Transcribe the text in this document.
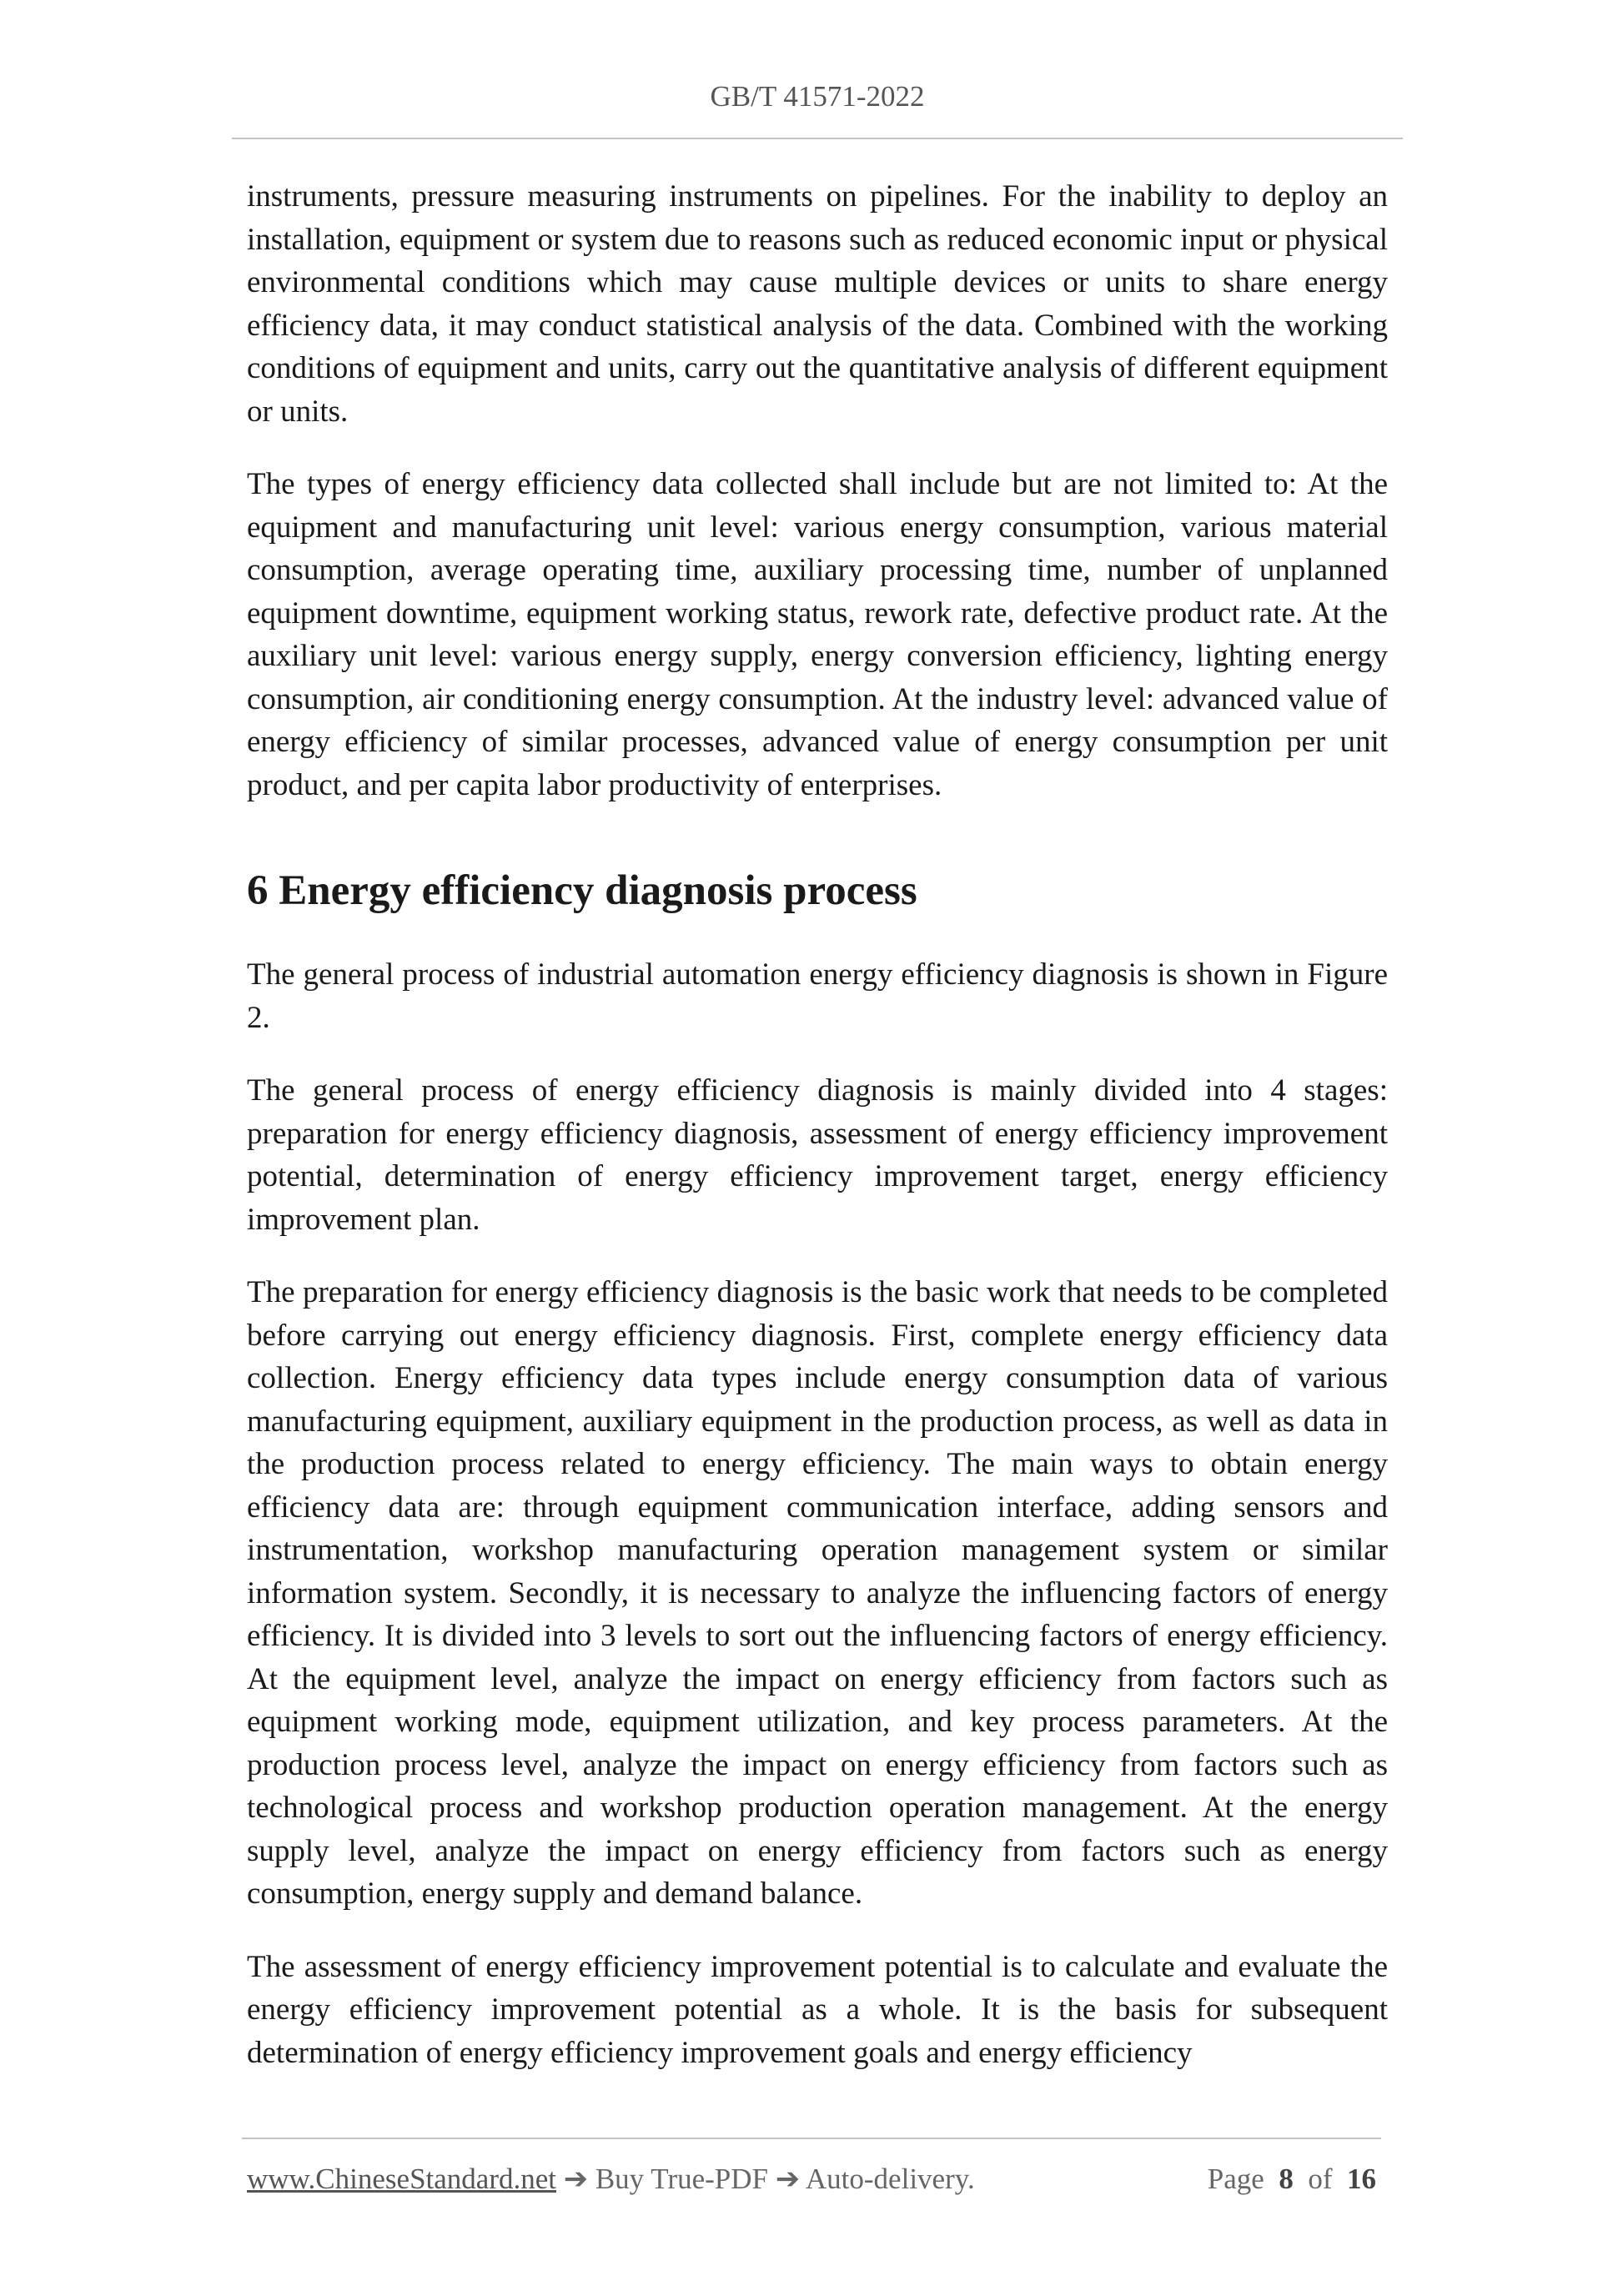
GB/T 41571-2022

instruments, pressure measuring instruments on pipelines. For the inability to deploy an installation, equipment or system due to reasons such as reduced economic input or physical environmental conditions which may cause multiple devices or units to share energy efficiency data, it may conduct statistical analysis of the data. Combined with the working conditions of equipment and units, carry out the quantitative analysis of different equipment or units.

The types of energy efficiency data collected shall include but are not limited to: At the equipment and manufacturing unit level: various energy consumption, various material consumption, average operating time, auxiliary processing time, number of unplanned equipment downtime, equipment working status, rework rate, defective product rate. At the auxiliary unit level: various energy supply, energy conversion efficiency, lighting energy consumption, air conditioning energy consumption. At the industry level: advanced value of energy efficiency of similar processes, advanced value of energy consumption per unit product, and per capita labor productivity of enterprises.

6 Energy efficiency diagnosis process

The general process of industrial automation energy efficiency diagnosis is shown in Figure 2.

The general process of energy efficiency diagnosis is mainly divided into 4 stages: preparation for energy efficiency diagnosis, assessment of energy efficiency improvement potential, determination of energy efficiency improvement target, energy efficiency improvement plan.

The preparation for energy efficiency diagnosis is the basic work that needs to be completed before carrying out energy efficiency diagnosis. First, complete energy efficiency data collection. Energy efficiency data types include energy consumption data of various manufacturing equipment, auxiliary equipment in the production process, as well as data in the production process related to energy efficiency. The main ways to obtain energy efficiency data are: through equipment communication interface, adding sensors and instrumentation, workshop manufacturing operation management system or similar information system. Secondly, it is necessary to analyze the influencing factors of energy efficiency. It is divided into 3 levels to sort out the influencing factors of energy efficiency. At the equipment level, analyze the impact on energy efficiency from factors such as equipment working mode, equipment utilization, and key process parameters. At the production process level, analyze the impact on energy efficiency from factors such as technological process and workshop production operation management. At the energy supply level, analyze the impact on energy efficiency from factors such as energy consumption, energy supply and demand balance.

The assessment of energy efficiency improvement potential is to calculate and evaluate the energy efficiency improvement potential as a whole. It is the basis for subsequent determination of energy efficiency improvement goals and energy efficiency

www.ChineseStandard.net ➔ Buy True-PDF ➔ Auto-delivery.	Page 8 of 16
